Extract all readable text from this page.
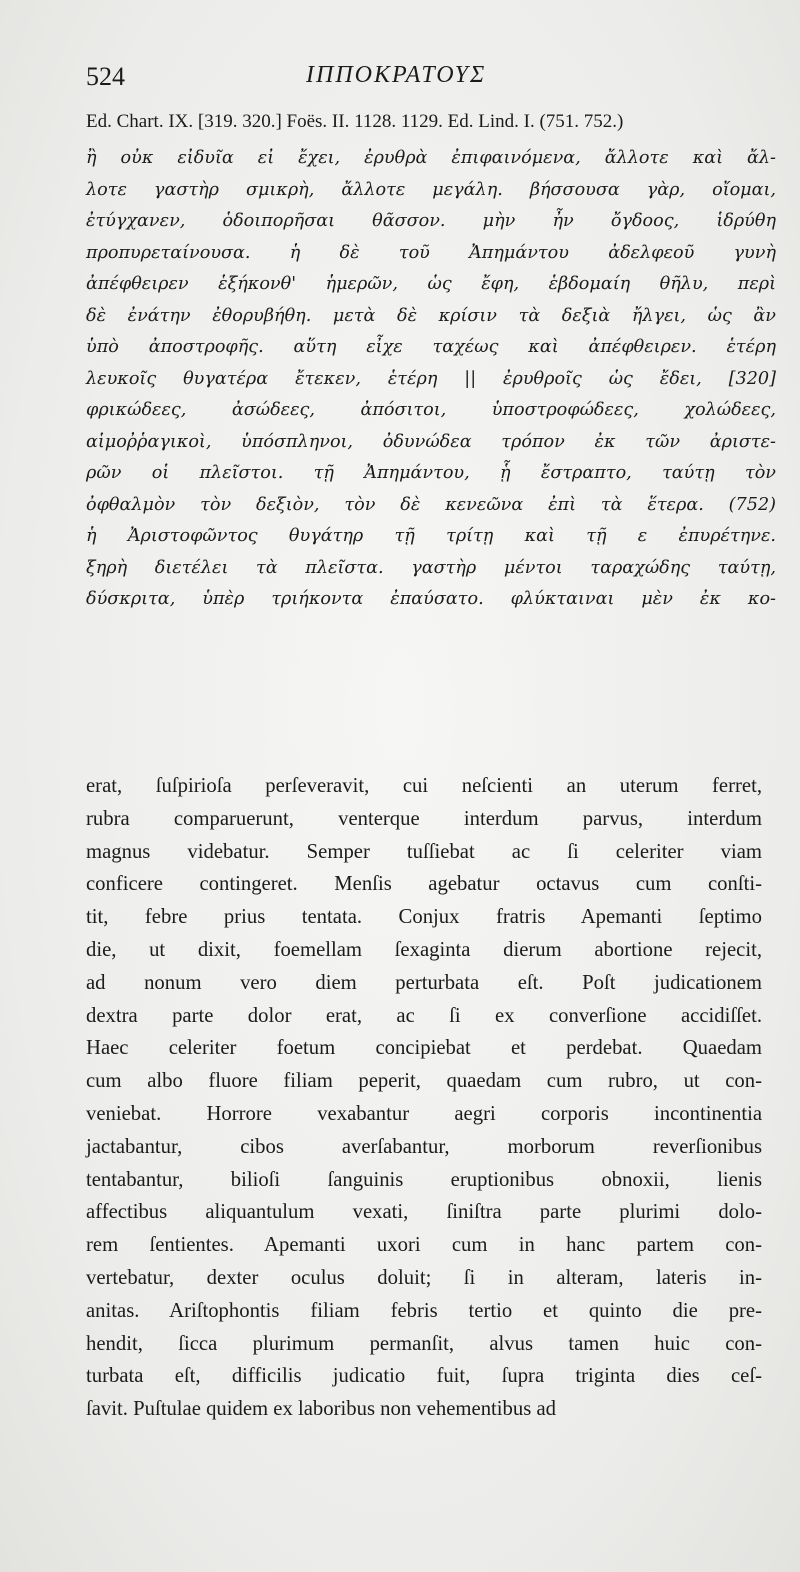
524	ΙΠΠΟΚΡΑΤΟΥΣ
Ed. Chart. IX. [319. 320.] Foës. II. 1128. 1129. Ed. Lind. I. (751. 752.)
ἢ οὐκ εἰδυῖα εἰ ἔχει, ἐρυθρὰ ἐπιφαινόμενα, ἄλλοτε καὶ ἄλ-
λοτε γαστὴρ σμικρὴ, ἄλλοτε μεγάλη. βήσσουσα γὰρ, οἴομαι,
ἐτύγχανεν, ὁδοιπορῆσαι θᾶσσον. μὴν ἦν ὄγδοος, ἱδρύθη
προπυρεταίνουσα. ἡ δὲ τοῦ Ἀπημάντου ἀδελφεοῦ γυνὴ
ἀπέφθειρεν ἑξήκονθ' ἡμερῶν, ὡς ἔφη, ἑβδομαίη θῆλυ, περὶ
δὲ ἐνάτην ἐθορυβήθη. μετὰ δὲ κρίσιν τὰ δεξιὰ ἤλγει, ὡς ἂν
ὑπὸ ἀποστροφῆς. αὕτη εἶχε ταχέως καὶ ἀπέφθειρεν. ἑτέρη
λευκοῖς θυγατέρα ἔτεκεν, ἑτέρη || ἐρυθροῖς ὡς ἔδει, [320]
φρικώδεες, ἀσώδεες, ἀπόσιτοι, ὑποστροφώδεες, χολώδεες,
αἱμοῤῥαγικοὶ, ὑπόσπληνοι, ὀδυνώδεα τρόπον ἐκ τῶν ἀριστε-
ρῶν οἱ πλεῖστοι. τῇ Ἀπημάντου, ᾗ ἔστραπτο, ταύτῃ τὸν
ὀφθαλμὸν τὸν δεξιὸν, τὸν δὲ κενεῶνα ἐπὶ τὰ ἕτερα. (752)
ἡ Ἀριστοφῶντος θυγάτηρ τῇ τρίτῃ καὶ τῇ ε ἐπυρέτηνε.
ξηρὴ διετέλει τὰ πλεῖστα. γαστὴρ μέντοι ταραχώδης ταύτῃ,
δύσκριτα, ὑπὲρ τριήκοντα ἐπαύσατο. φλύκταιναι μὲν ἐκ κο-
erat, ſuſpirioſa perſeveravit, cui neſcienti an uterum ferret,
rubra comparuerunt, venterque interdum parvus, interdum
magnus videbatur. Semper tuſſiebat ac ſi celeriter viam
conficere contingeret. Menſis agebatur octavus cum conſti-
tit, febre prius tentata. Conjux fratris Apemanti ſeptimo
die, ut dixit, foemellam ſexaginta dierum abortione rejecit,
ad nonum vero diem perturbata eſt. Poſt judicationem
dextra parte dolor erat, ac ſi ex converſione accidiſſet.
Haec celeriter foetum concipiebat et perdebat. Quaedam
cum albo fluore filiam peperit, quaedam cum rubro, ut con-
veniebat. Horrore vexabantur aegri corporis incontinentia
jactabantur, cibos averſabantur, morborum reverſionibus
tentabantur, bilioſi ſanguinis eruptionibus obnoxii, lienis
affectibus aliquantulum vexati, ſiniſtra parte plurimi dolo-
rem ſentientes. Apemanti uxori cum in hanc partem con-
vertebatur, dexter oculus doluit; ſi in alteram, lateris in-
anitas. Ariſtophontis filiam febris tertio et quinto die pre-
hendit, ſicca plurimum permanſit, alvus tamen huic con-
turbata eſt, difficilis judicatio fuit, ſupra triginta dies ceſ-
ſavit. Puſtulae quidem ex laboribus non vehementibus ad
